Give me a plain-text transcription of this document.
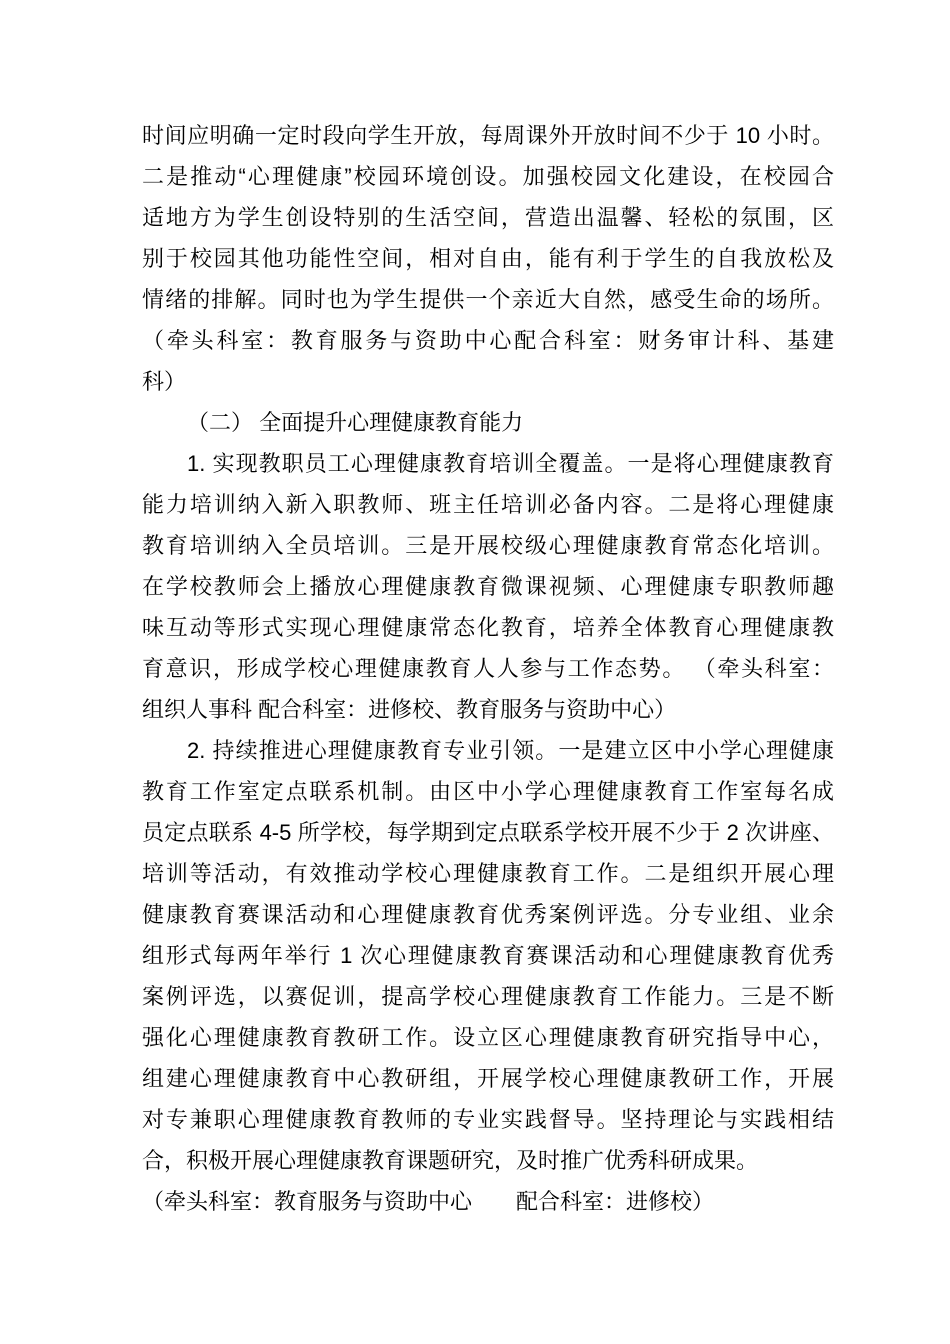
时间应明确一定时段向学生开放，每周课外开放时间不少于 10 小时。
二是推动“心理健康”校园环境创设。加强校园文化建设，在校园合
适地方为学生创设特别的生活空间，营造出温馨、轻松的氛围，区
别于校园其他功能性空间，相对自由，能有利于学生的自我放松及
情绪的排解。同时也为学生提供一个亲近大自然，感受生命的场所。
（牵头科室：教育服务与资助中心配合科室：财务审计科、基建
科）
（二） 全面提升心理健康教育能力
1. 实现教职员工心理健康教育培训全覆盖。一是将心理健康教育
能力培训纳入新入职教师、班主任培训必备内容。二是将心理健康
教育培训纳入全员培训。三是开展校级心理健康教育常态化培训。
在学校教师会上播放心理健康教育微课视频、心理健康专职教师趣
味互动等形式实现心理健康常态化教育，培养全体教育心理健康教
育意识，形成学校心理健康教育人人参与工作态势。 （牵头科室：
组织人事科 配合科室：进修校、教育服务与资助中心）
2. 持续推进心理健康教育专业引领。一是建立区中小学心理健康
教育工作室定点联系机制。由区中小学心理健康教育工作室每名成
员定点联系 4-5 所学校，每学期到定点联系学校开展不少于 2 次讲座、
培训等活动，有效推动学校心理健康教育工作。二是组织开展心理
健康教育赛课活动和心理健康教育优秀案例评选。分专业组、业余
组形式每两年举行 1 次心理健康教育赛课活动和心理健康教育优秀
案例评选，以赛促训，提高学校心理健康教育工作能力。三是不断
强化心理健康教育教研工作。设立区心理健康教育研究指导中心，
组建心理健康教育中心教研组，开展学校心理健康教研工作，开展
对专兼职心理健康教育教师的专业实践督导。坚持理论与实践相结
合，积极开展心理健康教育课题研究，及时推广优秀科研成果。
（牵头科室：教育服务与资助中心　　配合科室：进修校）
